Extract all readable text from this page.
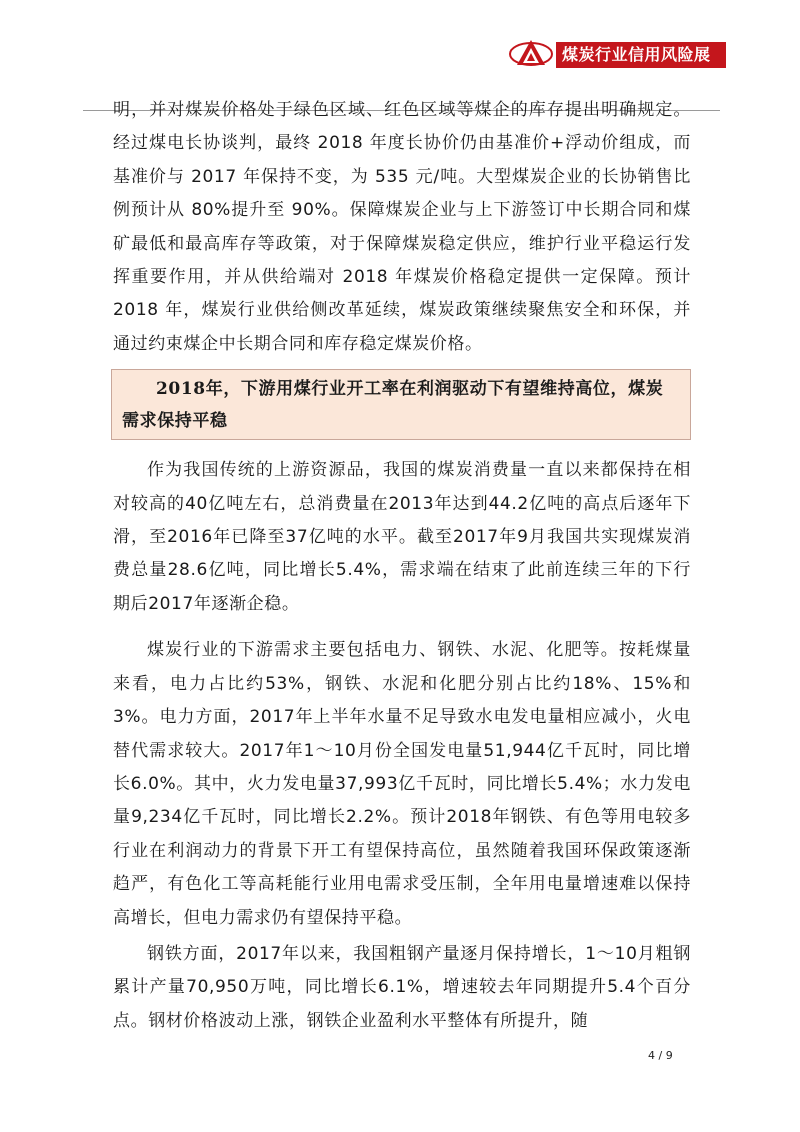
煤炭行业信用风险展望

明，并对煤炭价格处于绿色区域、红色区域等煤企的库存提出明确规定。经过煤电长协谈判，最终 2018 年度长协价仍由基准价+浮动价组成，而基准价与 2017 年保持不变，为 535 元/吨。大型煤炭企业的长协销售比例预计从 80%提升至 90%。保障煤炭企业与上下游签订中长期合同和煤矿最低和最高库存等政策，对于保障煤炭稳定供应，维护行业平稳运行发挥重要作用，并从供给端对 2018 年煤炭价格稳定提供一定保障。预计 2018 年，煤炭行业供给侧改革延续，煤炭政策继续聚焦安全和环保，并通过约束煤企中长期合同和库存稳定煤炭价格。

2018年，下游用煤行业开工率在利润驱动下有望维持高位，煤炭需求保持平稳

作为我国传统的上游资源品，我国的煤炭消费量一直以来都保持在相对较高的40亿吨左右，总消费量在2013年达到44.2亿吨的高点后逐年下滑，至2016年已降至37亿吨的水平。截至2017年9月我国共实现煤炭消费总量28.6亿吨，同比增长5.4%，需求端在结束了此前连续三年的下行期后2017年逐渐企稳。

煤炭行业的下游需求主要包括电力、钢铁、水泥、化肥等。按耗煤量来看，电力占比约53%，钢铁、水泥和化肥分别占比约18%、15%和3%。电力方面，2017年上半年水量不足导致水电发电量相应减小，火电替代需求较大。2017年1～10月份全国发电量51,944亿千瓦时，同比增长6.0%。其中，火力发电量37,993亿千瓦时，同比增长5.4%；水力发电量9,234亿千瓦时，同比增长2.2%。预计2018年钢铁、有色等用电较多行业在利润动力的背景下开工有望保持高位，虽然随着我国环保政策逐渐趋严，有色化工等高耗能行业用电需求受压制，全年用电量增速难以保持高增长，但电力需求仍有望保持平稳。

钢铁方面，2017年以来，我国粗钢产量逐月保持增长，1～10月粗钢累计产量70,950万吨，同比增长6.1%，增速较去年同期提升5.4个百分点。钢材价格波动上涨，钢铁企业盈利水平整体有所提升，随

4 / 9
